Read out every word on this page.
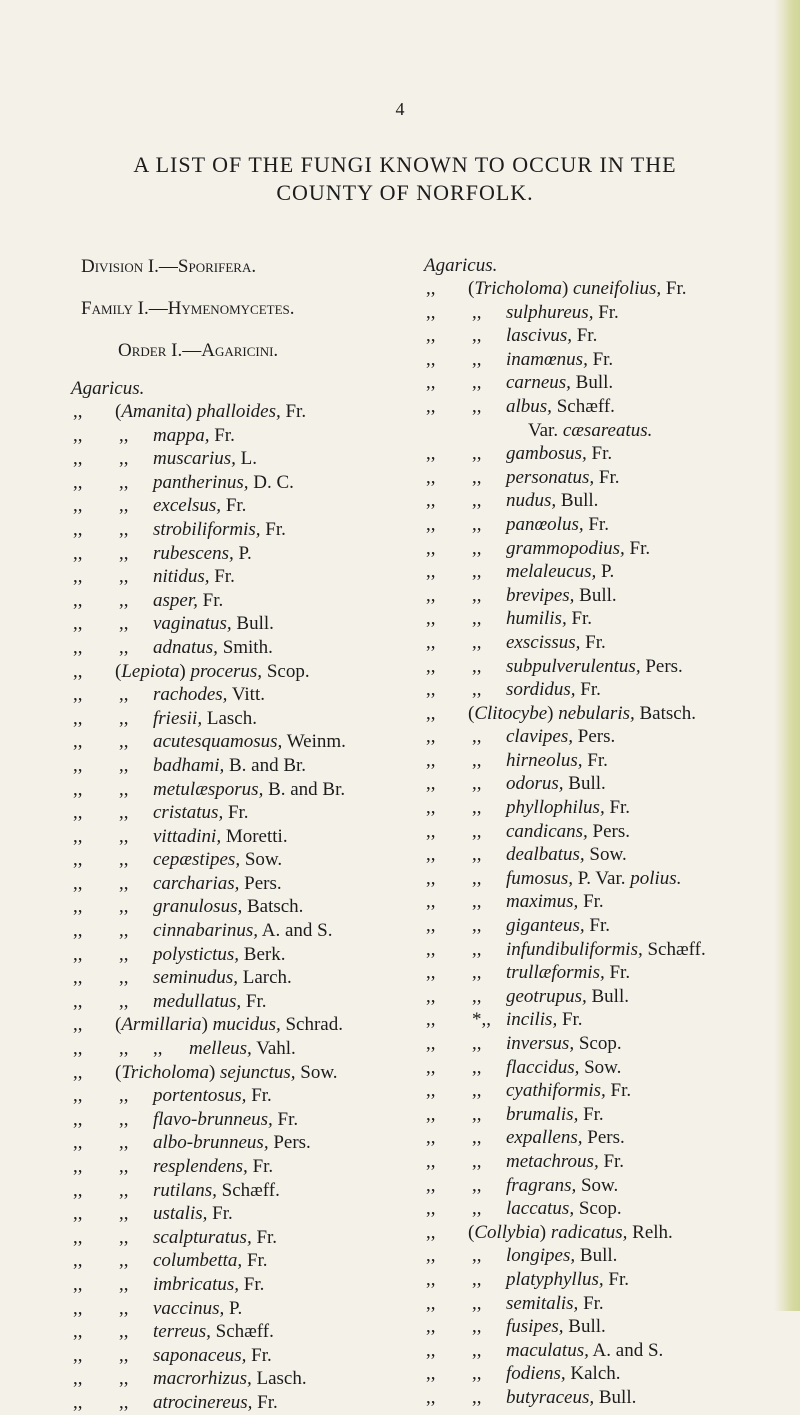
4
A LIST OF THE FUNGI KNOWN TO OCCUR IN THE
COUNTY OF NORFOLK.
Division I.—Sporifera.
Family I.—Hymenomycetes.
Order I.—Agaricini.
Agaricus.
,, (Amanita) phalloides, Fr.
,, ,, mappa, Fr.
,, ,, muscarius, L.
,, ,, pantherinus, D. C.
,, ,, excelsus, Fr.
,, ,, strobiliformis, Fr.
,, ,, rubescens, P.
,, ,, nitidus, Fr.
,, ,, asper, Fr.
,, ,, vaginatus, Bull.
,, ,, adnatus, Smith.
,, (Lepiota) procerus, Scop.
,, ,, rachodes, Vitt.
,, ,, friesii, Lasch.
,, ,, acutesquamosus, Weinm.
,, ,, badhami, B. and Br.
,, ,, metulæsporus, B. and Br.
,, ,, cristatus, Fr.
,, ,, vittadini, Moretti.
,, ,, cepæstipes, Sow.
,, ,, carcharias, Pers.
,, ,, granulosus, Batsch.
,, ,, cinnabarinus, A. and S.
,, ,, polystictus, Berk.
,, ,, seminudus, Larch.
,, ,, medullatus, Fr.
,, (Armillaria) mucidus, Schrad.
,, ,,	melleus, Vahl.
,,
,, (Tricholoma) sejunctus, Sow.
,, ,, portentosus, Fr.
,, ,, flavo-brunneus, Fr.
,, ,, albo-brunneus, Pers.
,, ,, resplendens, Fr.
,, ,, rutilans, Schæff.
,, ,, ustalis, Fr.
,, ,, scalpturatus, Fr.
,, ,, columbetta, Fr.
,, ,, imbricatus, Fr.
,, ,, vaccinus, P.
,, ,, terreus, Schæff.
,, ,, saponaceus, Fr.
,, ,, macrorhizus, Lasch.
,, ,, atrocinereus, Fr.
Agaricus.
,, (Tricholoma) cuneifolius, Fr.
,, ,, sulphureus, Fr.
,, ,, lascivus, Fr.
,, ,, inamœnus, Fr.
,, ,, carneus, Bull.
,, ,, albus, Schæff.
Var. cæsareatus.
,, ,, gambosus, Fr.
,, ,, personatus, Fr.
,, ,, nudus, Bull.
,, ,, panœolus, Fr.
,, ,, grammopodius, Fr.
,, ,, melaleucus, P.
,, ,, brevipes, Bull.
,, ,, humilis, Fr.
,, ,, exscissus, Fr.
,, ,, subpulverulentus, Pers.
,, ,, sordidus, Fr.
,, (Clitocybe) nebularis, Batsch.
,, ,, clavipes, Pers.
,, ,, hirneolus, Fr.
,, ,, odorus, Bull.
,, ,, phyllophilus, Fr.
,, ,, candicans, Pers.
,, ,, dealbatus, Sow.
,, ,, fumosus, P. Var. polius.
,, ,, maximus, Fr.
,, ,, giganteus, Fr.
,, ,, infundibuliformis, Schæff.
,, ,, trullæformis, Fr.
,, ,, geotrupus, Bull.
,, *,, incilis, Fr.
,, ,, inversus, Scop.
,, ,, flaccidus, Sow.
,, ,, cyathiformis, Fr.
,, ,, brumalis, Fr.
,, ,, expallens, Pers.
,, ,, metachrous, Fr.
,, ,, fragrans, Sow.
,, ,, laccatus, Scop.
,, (Collybia) radicatus, Relh.
,, ,, longipes, Bull.
,, ,, platyphyllus, Fr.
,, ,, semitalis, Fr.
,, ,, fusipes, Bull.
,, ,, maculatus, A. and S.
,, ,, fodiens, Kalch.
,, ,, butyraceus, Bull.
